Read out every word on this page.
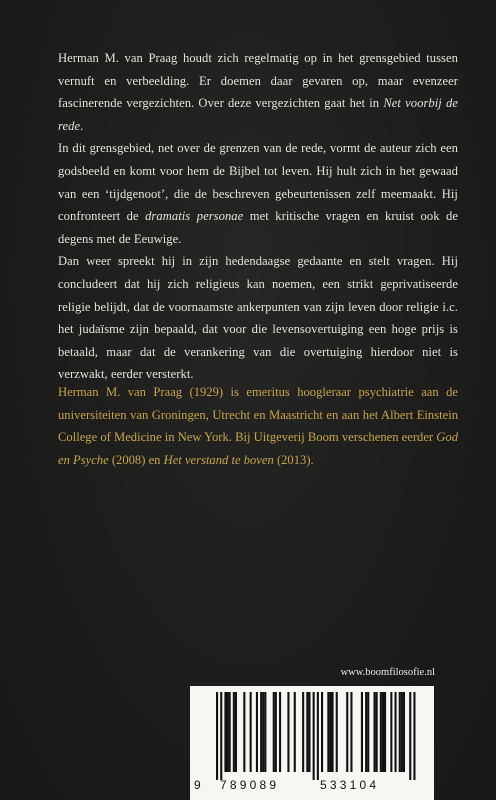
Herman M. van Praag houdt zich regelmatig op in het grensgebied tussen vernuft en verbeelding. Er doemen daar gevaren op, maar evenzeer fascinerende vergezichten. Over deze vergezichten gaat het in Net voorbij de rede.

In dit grensgebied, net over de grenzen van de rede, vormt de auteur zich een godsbeeld en komt voor hem de Bijbel tot leven. Hij hult zich in het gewaad van een ‘tijdgenoot’, die de beschreven gebeurtenissen zelf meemaakt. Hij confronteert de dramatis personae met kritische vragen en kruist ook de degens met de Eeuwige.

Dan weer spreekt hij in zijn hedendaagse gedaante en stelt vragen. Hij concludeert dat hij zich religieus kan noemen, een strikt geprivatiseerde religie belijdt, dat de voornaamste ankerpunten van zijn leven door religie i.c. het judaïsme zijn bepaald, dat voor die levensovertuiging een hoge prijs is betaald, maar dat de verankering van die overtuiging hierdoor niet is verzwakt, eerder versterkt.

Herman M. van Praag (1929) is emeritus hoogleraar psychiatrie aan de universiteiten van Groningen, Utrecht en Maastricht en aan het Albert Einstein College of Medicine in New York. Bij Uitgeverij Boom verschenen eerder God en Psyche (2008) en Het verstand te boven (2013).

www.boomfilosofie.nl
9 789089	533104
